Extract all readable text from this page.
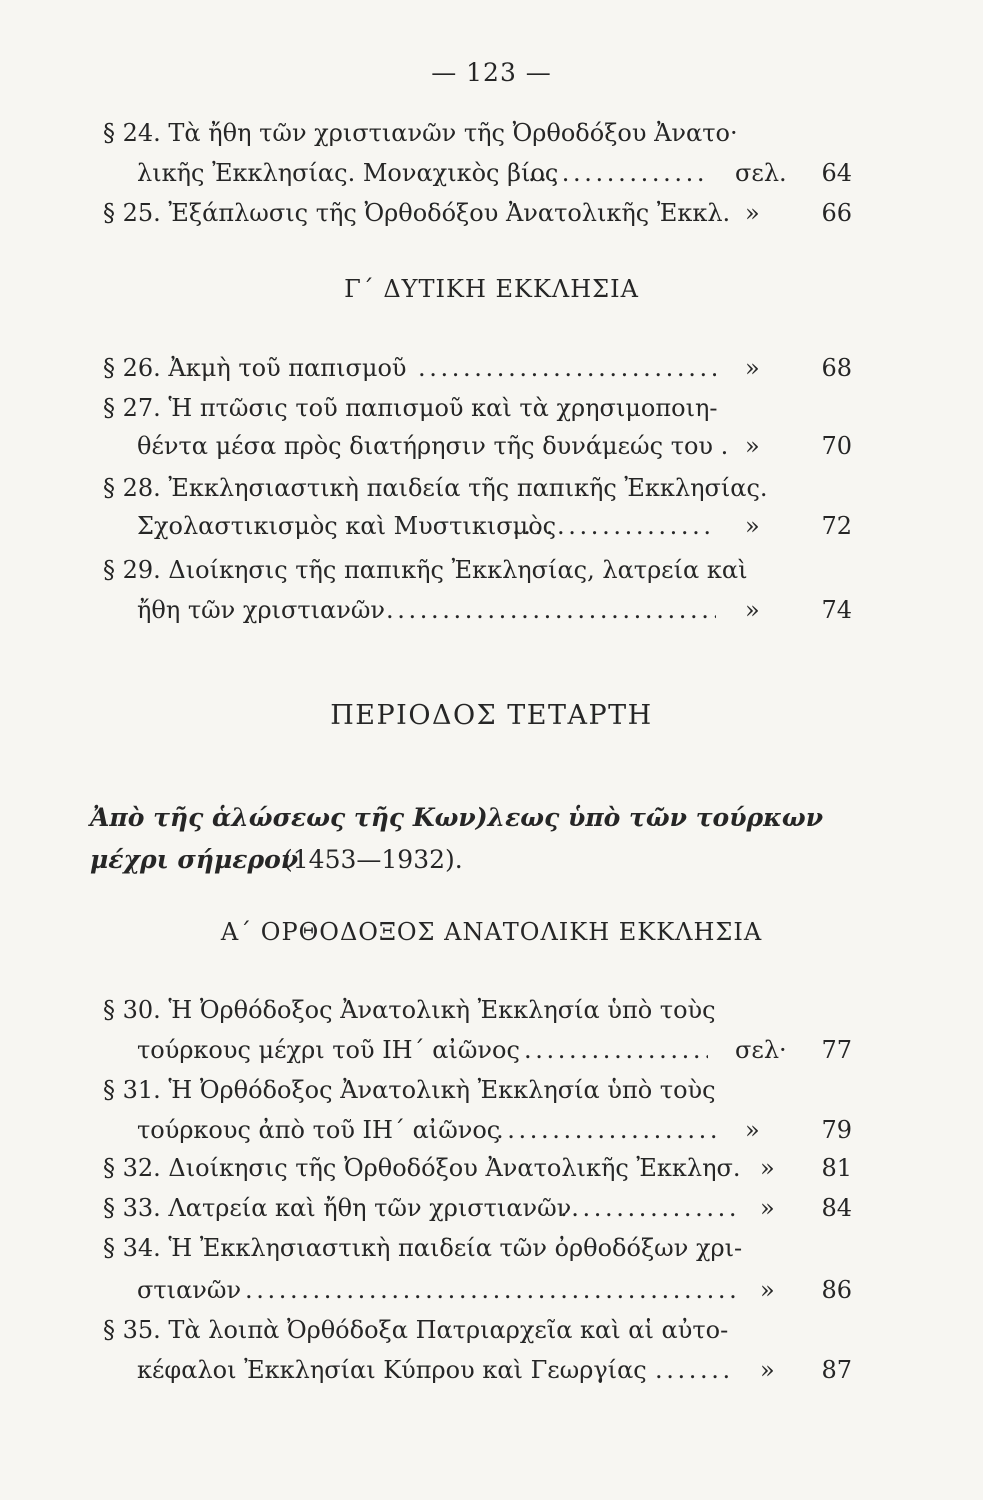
— 123 —
§ 24. Τὰ ἤθη τῶν χριστιανῶν τῆς Ὀρθοδόξου Ἀνατο·
λικῆς Ἐκκλησίας. Μοναχικὸς βίος . . .	σελ.	64
§ 25. Ἐξάπλωσις τῆς Ὀρθοδόξου Ἀνατολικῆς Ἐκκλ. »	66
Γ΄ ΔΥΤΙΚΗ ΕΚΚΛΗΣΙΑ
§ 26. Ἀκμὴ τοῦ παπισμοῦ . . .	»	68
§ 27. Ἡ πτῶσις τοῦ παπισμοῦ καὶ τὰ χρησιμοποιη-
θέντα μέσα πρὸς διατήρησιν τῆς δυνάμεώς του . »	70
§ 28. Ἐκκλησιαστικὴ παιδεία τῆς παπικῆς Ἐκκλησίας.
Σχολαστικισμὸς καὶ Μυστικισμὸς . . .	»	72
§ 29. Διοίκησις τῆς παπικῆς Ἐκκλησίας, λατρεία καὶ
ἤθη τῶν χριστιανῶν . . .	»	74
ΠΕΡΙΟΔΟΣ ΤΕΤΑΡΤΗ
Ἀπὸ τῆς ἁλώσεως τῆς Κων)λεως ὑπὸ τῶν τούρκων
μέχρι σήμερον
(1453—1932).
Α΄ ΟΡΘΟΔΟΞΟΣ ΑΝΑΤΟΛΙΚΗ ΕΚΚΛΗΣΙΑ
§ 30. Ἡ Ὀρθόδοξος Ἀνατολικὴ Ἐκκλησία ὑπὸ τοὺς
τούρκους μέχρι τοῦ ΙΗ΄ αἰῶνος . . .	σελ·	77
§ 31. Ἡ Ὀρθόδοξος Ἀνατολικὴ Ἐκκλησία ὑπὸ τοὺς
τούρκους ἀπὸ τοῦ ΙΗ΄ αἰῶνος . . .	»	79
§ 32. Διοίκησις τῆς Ὀρθοδόξου Ἀνατολικῆς Ἐκκλησ. »	81
§ 33. Λατρεία καὶ ἤθη τῶν χριστιανῶν . . .	»	84
§ 34. Ἡ Ἐκκλησιαστικὴ παιδεία τῶν ὀρθοδόξων χρι-
στιανῶν . . .	»	86
§ 35. Τὰ λοιπὰ Ὀρθόδοξα Πατριαρχεῖα καὶ αἱ αὐτο-
κέφαλοι Ἐκκλησίαι Κύπρου καὶ Γεωργίας . . .	»	87
